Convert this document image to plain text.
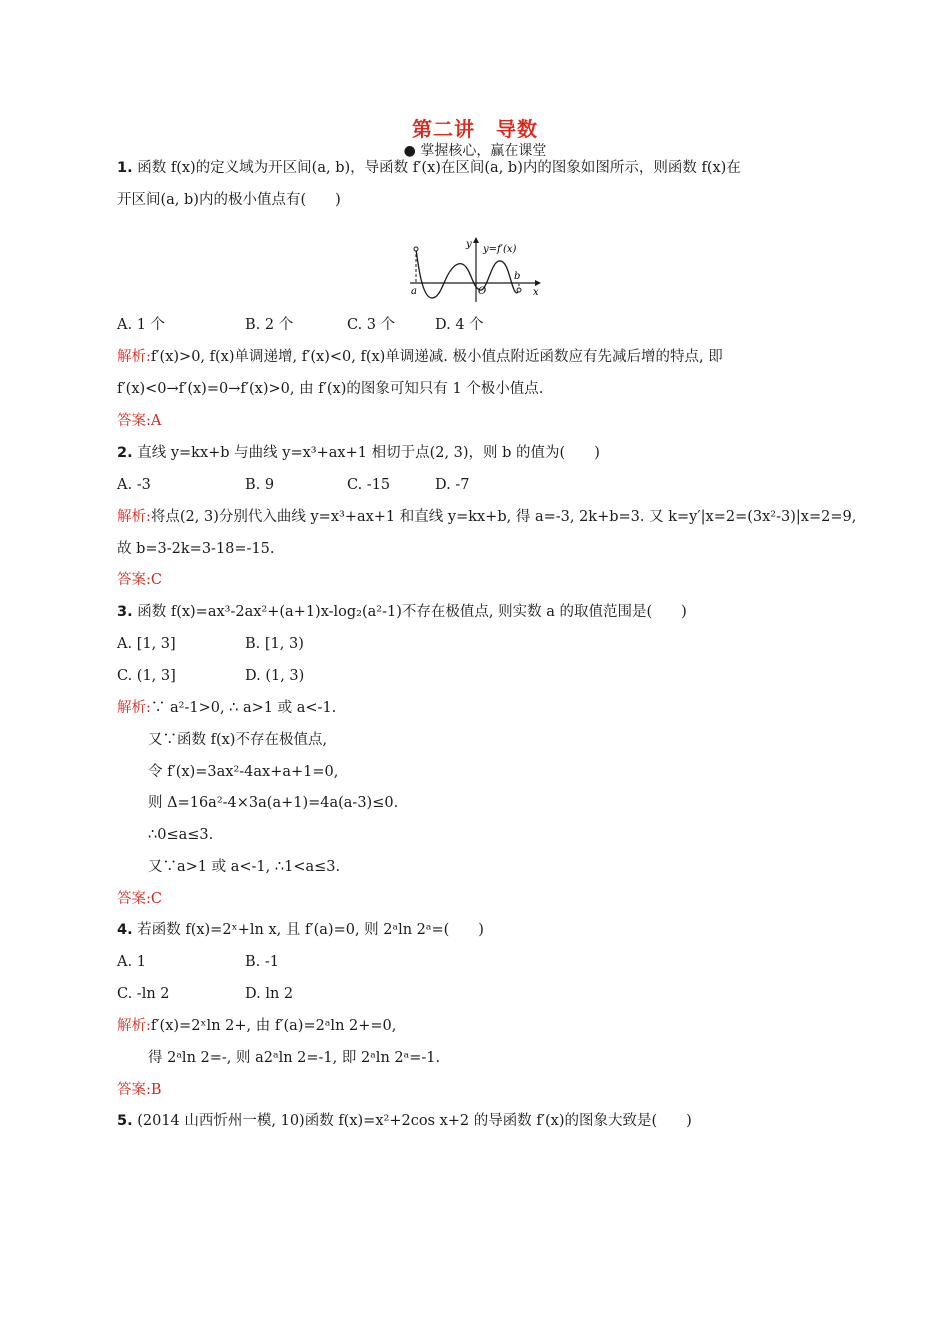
第二讲　导数
● 掌握核心，赢在课堂
1. 函数 f(x)的定义域为开区间(a, b)，导函数 f′(x)在区间(a, b)内的图象如图所示，则函数 f(x)在
开区间(a, b)内的极小值点有(　　)
y y=f′(x)
a
b
O	x
A. 1 个	B. 2 个	C. 3 个	D. 4 个
解析:f′(x)>0, f(x)单调递增, f′(x)<0, f(x)单调递减. 极小值点附近函数应有先减后增的特点, 即
f′(x)<0→f′(x)=0→f′(x)>0, 由 f′(x)的图象可知只有 1 个极小值点.
答案:A
2. 直线 y=kx+b 与曲线 y=x³+ax+1 相切于点(2, 3)，则 b 的值为(　　)
A. -3	B. 9	C. -15	D. -7
解析:将点(2, 3)分别代入曲线 y=x³+ax+1 和直线 y=kx+b, 得 a=-3, 2k+b=3. 又 k=y′|x=2=(3x²-3)|x=2=9,
故 b=3-2k=3-18=-15.
答案:C
3. 函数 f(x)=ax³-2ax²+(a+1)x-log₂(a²-1)不存在极值点, 则实数 a 的取值范围是(　　)
A. [1, 3]	B. [1, 3)
C. (1, 3]	D. (1, 3)
解析:∵ a²-1>0, ∴ a>1 或 a<-1.
又∵函数 f(x)不存在极值点,
令 f′(x)=3ax²-4ax+a+1=0,
则 Δ=16a²-4×3a(a+1)=4a(a-3)≤0.
∴0≤a≤3.
又∵a>1 或 a<-1, ∴1<a≤3.
答案:C
4. 若函数 f(x)=2ˣ+ln x, 且 f′(a)=0, 则 2ᵃln 2ᵃ=(　　)
A. 1	B. -1
C. -ln 2	D. ln 2
解析:f′(x)=2ˣln 2+, 由 f′(a)=2ᵃln 2+=0,
得 2ᵃln 2=-, 则 a2ᵃln 2=-1, 即 2ᵃln 2ᵃ=-1.
答案:B
5. (2014 山西忻州一模, 10)函数 f(x)=x²+2cos x+2 的导函数 f′(x)的图象大致是(　　)
